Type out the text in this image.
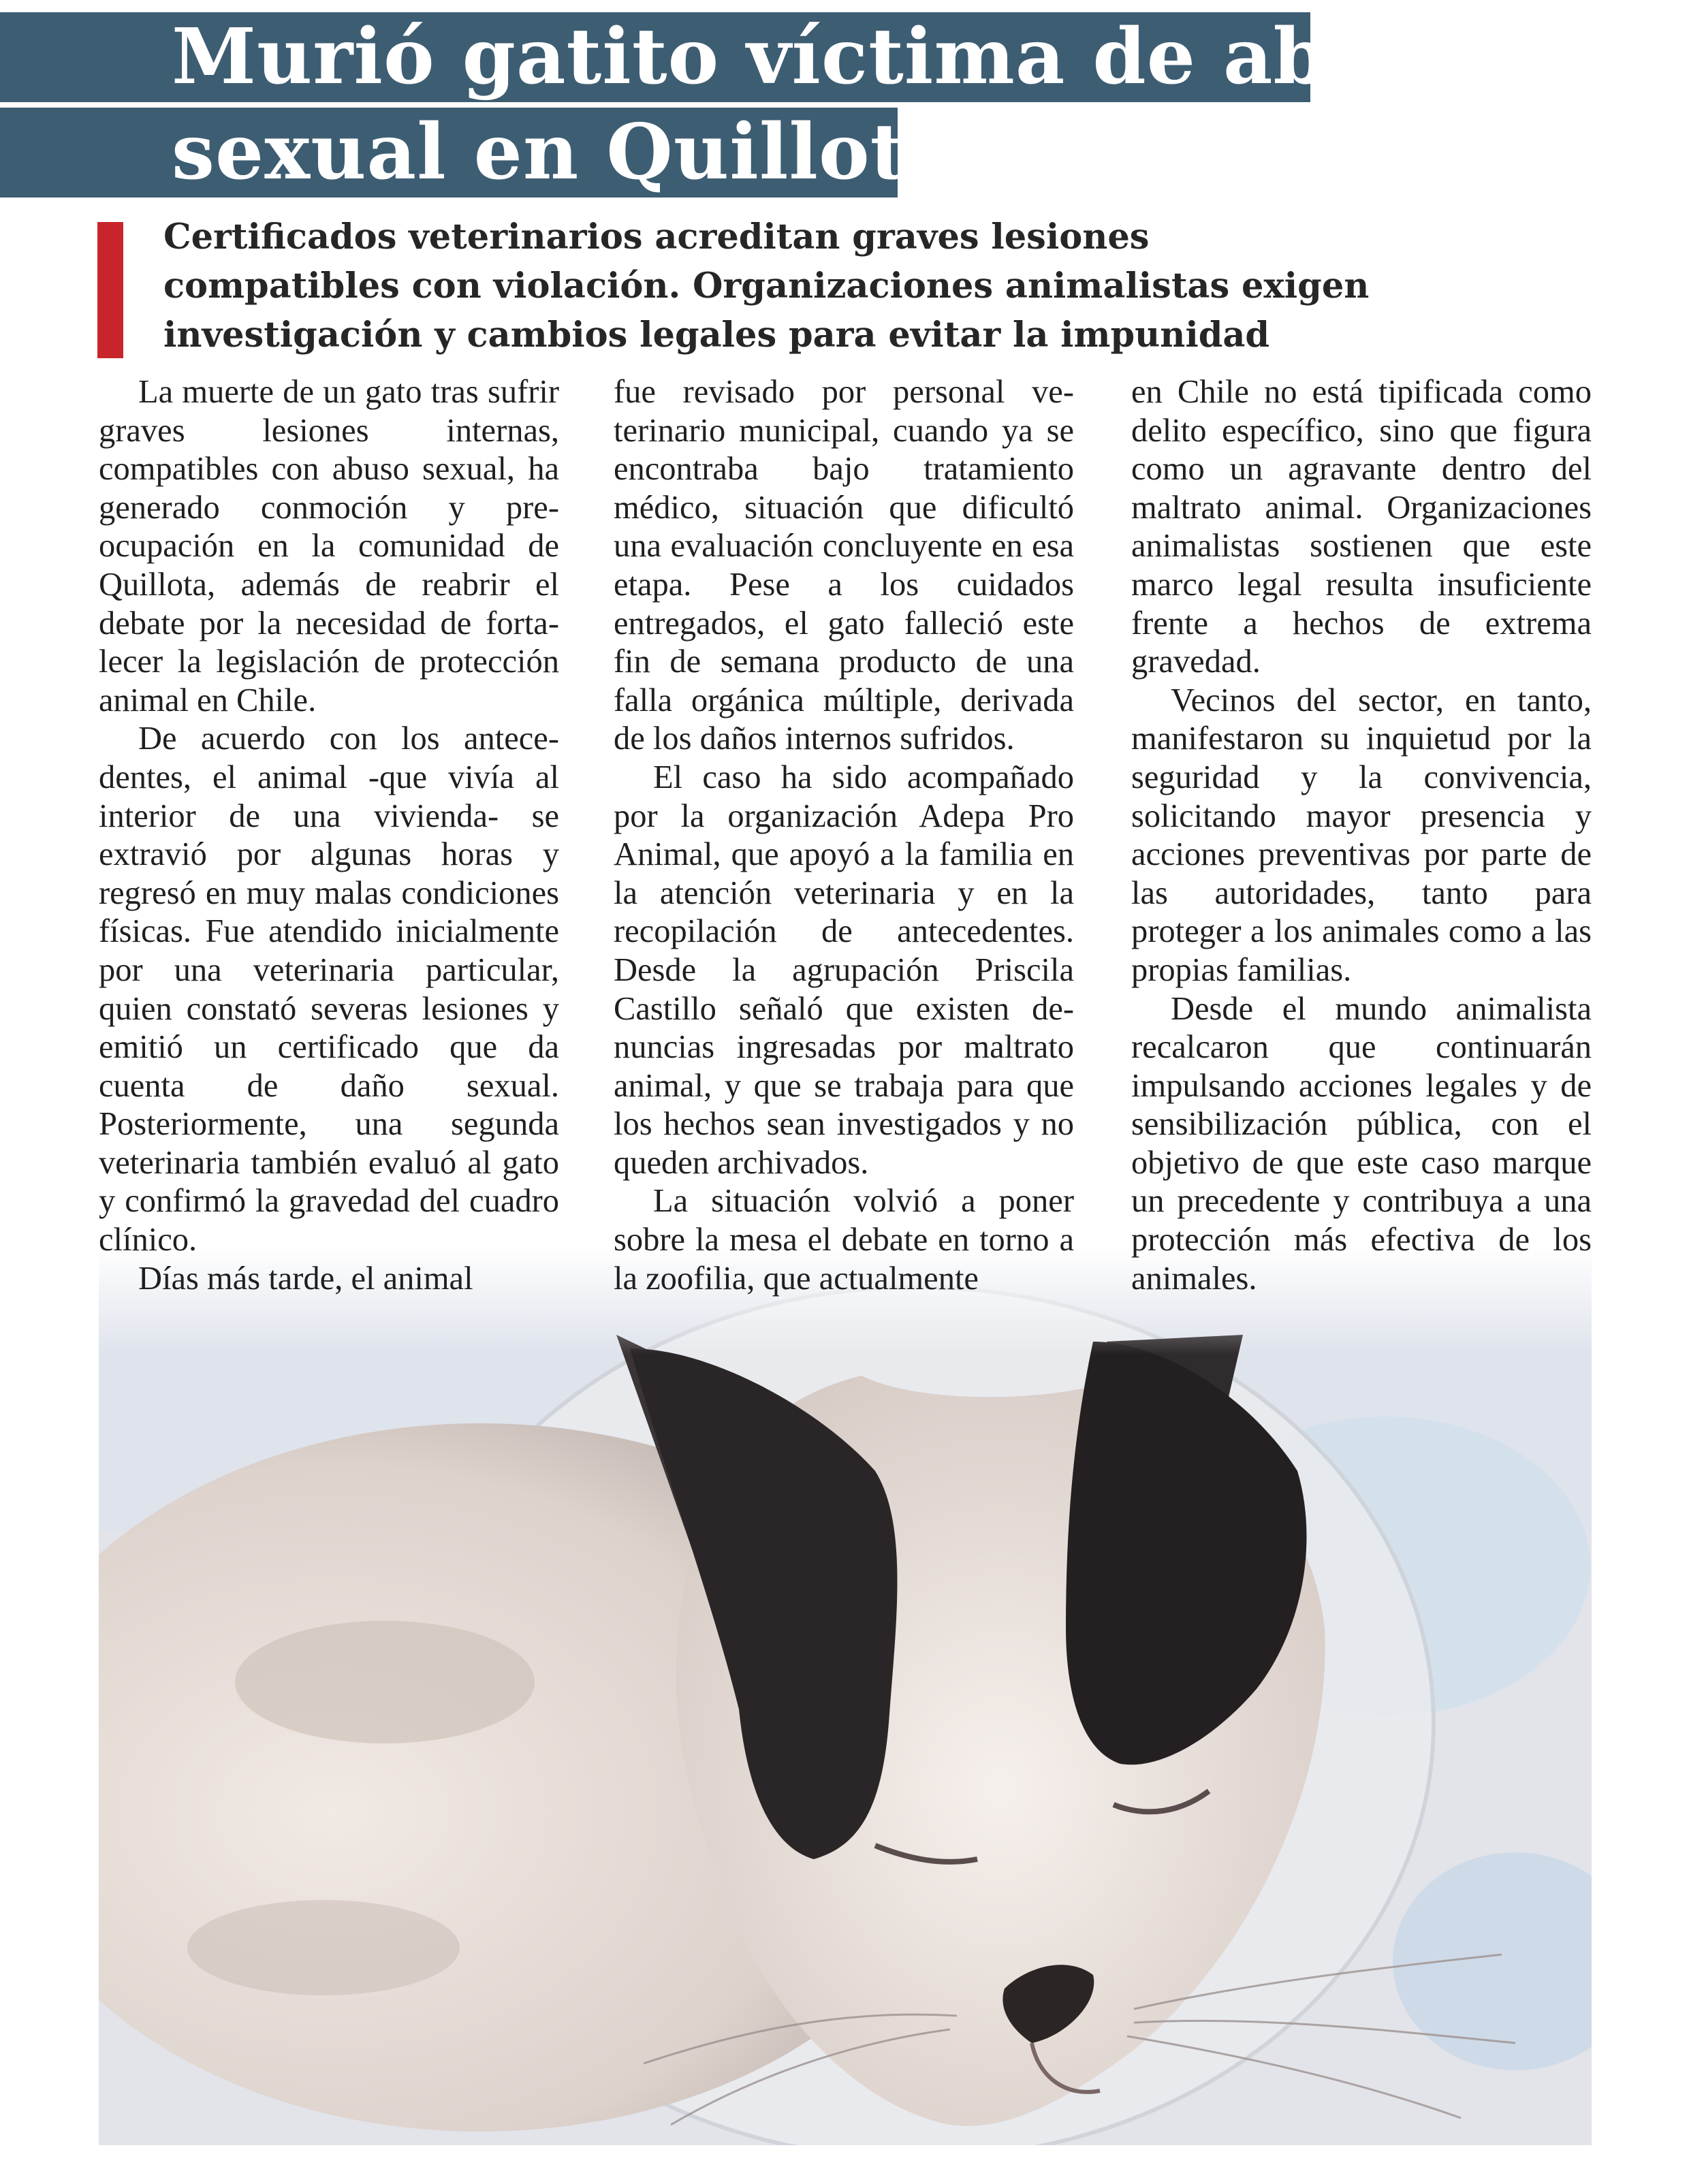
Murió gatito víctima de abuso
sexual en Quillota

Certificados veterinarios acreditan graves lesiones compatibles con violación. Organizaciones animalistas exigen investigación y cambios legales para evitar la impunidad

La muerte de un gato tras sufrir graves lesiones internas, compatibles con abuso sexual, ha generado conmoción y preocupación en la comunidad de Quillota, además de reabrir el debate por la necesidad de fortalecer la legislación de protección animal en Chile.

De acuerdo con los antecedentes, el animal -que vivía al interior de una vivienda- se extravió por algunas horas y regresó en muy malas condiciones físicas. Fue atendido inicialmente por una veterinaria particular, quien constató severas lesiones y emitió un certificado que da cuenta de daño sexual. Posteriormente, una segunda veterinaria también evaluó al gato y confirmó la gravedad del cuadro clínico.

Días más tarde, el animal

fue revisado por personal veterinario municipal, cuando ya se encontraba bajo tratamiento médico, situación que dificultó una evaluación concluyente en esa etapa. Pese a los cuidados entregados, el gato falleció este fin de semana producto de una falla orgánica múltiple, derivada de los daños internos sufridos.

El caso ha sido acompañado por la organización Adepa Pro Animal, que apoyó a la familia en la atención veterinaria y en la recopilación de antecedentes. Desde la agrupación Priscila Castillo señaló que existen denuncias ingresadas por maltrato animal, y que se trabaja para que los hechos sean investigados y no queden archivados.

La situación volvió a poner sobre la mesa el debate en torno a la zoofilia, que actualmente

en Chile no está tipificada como delito específico, sino que figura como un agravante dentro del maltrato animal. Organizaciones animalistas sostienen que este marco legal resulta insuficiente frente a hechos de extrema gravedad.

Vecinos del sector, en tanto, manifestaron su inquietud por la seguridad y la convivencia, solicitando mayor presencia y acciones preventivas por parte de las autoridades, tanto para proteger a los animales como a las propias familias.

Desde el mundo animalista recalcaron que continuarán impulsando acciones legales y de sensibilización pública, con el objetivo de que este caso marque un precedente y contribuya a una protección más efectiva de los animales.
